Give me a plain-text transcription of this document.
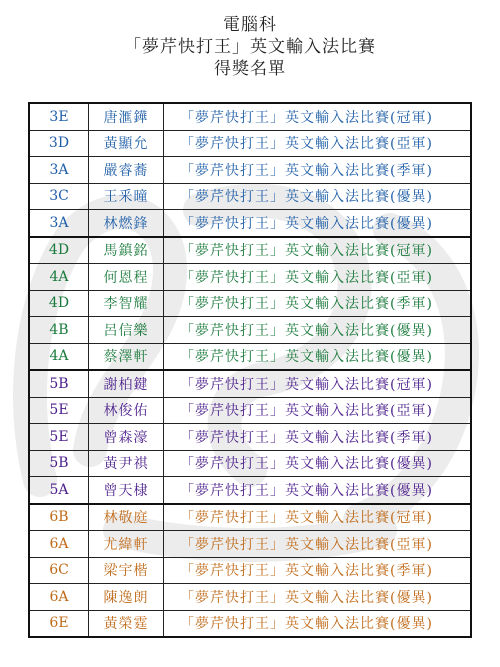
電腦科
「夢芹快打王」英文輸入法比賽
得獎名單
3E	唐滙鏵	「夢芹快打王」英文輸入法比賽(冠軍)
3D	黃顯允	「夢芹快打王」英文輸入法比賽(亞軍)
3A	嚴睿蕎	「夢芹快打王」英文輸入法比賽(季軍)
3C	王釆曈	「夢芹快打王」英文輸入法比賽(優異)
3A	林燃鋒	「夢芹快打王」英文輸入法比賽(優異)
4D	馬鎮銘	「夢芹快打王」英文輸入法比賽(冠軍)
4A	何恩程	「夢芹快打王」英文輸入法比賽(亞軍)
4D	李智耀	「夢芹快打王」英文輸入法比賽(季軍)
4B	呂信樂	「夢芹快打王」英文輸入法比賽(優異)
4A	蔡澤軒	「夢芹快打王」英文輸入法比賽(優異)
5B	謝柏鍵	「夢芹快打王」英文輸入法比賽(冠軍)
5E	林俊佑	「夢芹快打王」英文輸入法比賽(亞軍)
5E	曾森濠	「夢芹快打王」英文輸入法比賽(季軍)
5B	黃尹祺	「夢芹快打王」英文輸入法比賽(優異)
5A	曾天棣	「夢芹快打王」英文輸入法比賽(優異)
6B	林敬庭	「夢芹快打王」英文輸入法比賽(冠軍)
6A	尤緯軒	「夢芹快打王」英文輸入法比賽(亞軍)
6C	梁宇楷	「夢芹快打王」英文輸入法比賽(季軍)
6A	陳逸朗	「夢芹快打王」英文輸入法比賽(優異)
6E	黃榮霆	「夢芹快打王」英文輸入法比賽(優異)
